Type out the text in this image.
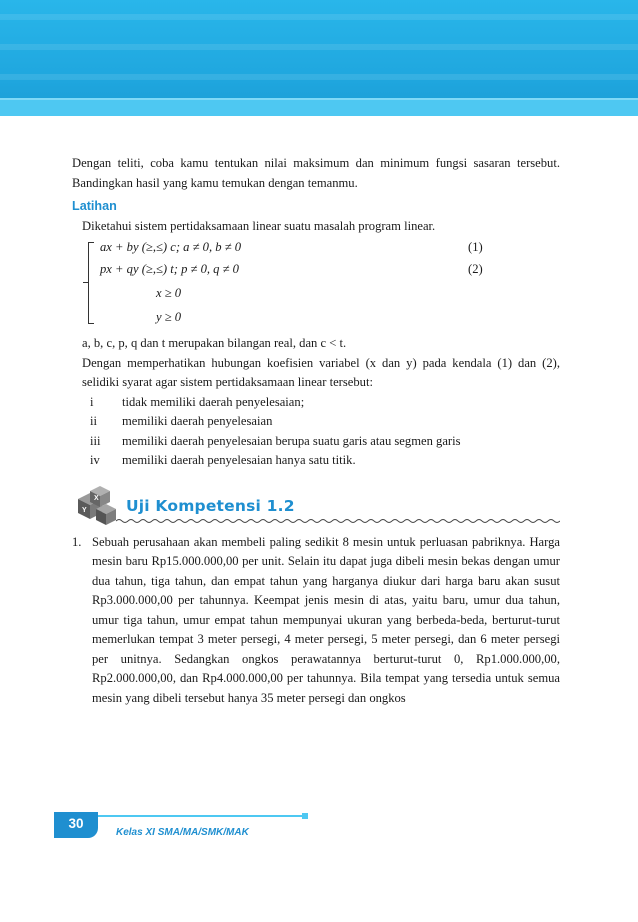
Dengan teliti, coba kamu tentukan nilai maksimum dan minimum fungsi sasaran tersebut. Bandingkan hasil yang kamu temukan dengan temanmu.

Latihan

Diketahui sistem pertidaksamaan linear suatu masalah program linear.

ax + by (≥,≤) c; a ≠ 0, b ≠ 0	(1)
px + qy (≥,≤) t; p ≠ 0, q ≠ 0	(2)
x ≥ 0
y ≥ 0

a, b, c, p, q dan t merupakan bilangan real, dan c < t.

Dengan memperhatikan hubungan koefisien variabel (x dan y) pada kendala (1) dan (2), selidiki syarat agar sistem pertidaksamaan linear tersebut:

i	tidak memiliki daerah penyelesaian;
ii	memiliki daerah penyelesaian
iii	memiliki daerah penyelesaian berupa suatu garis atau segmen garis
iv	memiliki daerah penyelesaian hanya satu titik.
Y
X Uji Kompetensi 1.2
1. Sebuah perusahaan akan membeli paling sedikit 8 mesin untuk perluasan pabriknya. Harga mesin baru Rp15.000.000,00 per unit. Selain itu dapat juga dibeli mesin bekas dengan umur dua tahun, tiga tahun, dan empat tahun yang harganya diukur dari harga baru akan susut Rp3.000.000,00 per tahunnya. Keempat jenis mesin di atas, yaitu baru, umur dua tahun, umur tiga tahun, umur empat tahun mempunyai ukuran yang berbeda-beda, berturut-turut memerlukan tempat 3 meter persegi, 4 meter persegi, 5 meter persegi, dan 6 meter persegi per unitnya. Sedangkan ongkos perawatannya berturut-turut 0, Rp1.000.000,00, Rp2.000.000,00, dan Rp4.000.000,00 per tahunnya. Bila tempat yang tersedia untuk semua mesin yang dibeli tersebut hanya 35 meter persegi dan ongkos

30
Kelas XI SMA/MA/SMK/MAK
